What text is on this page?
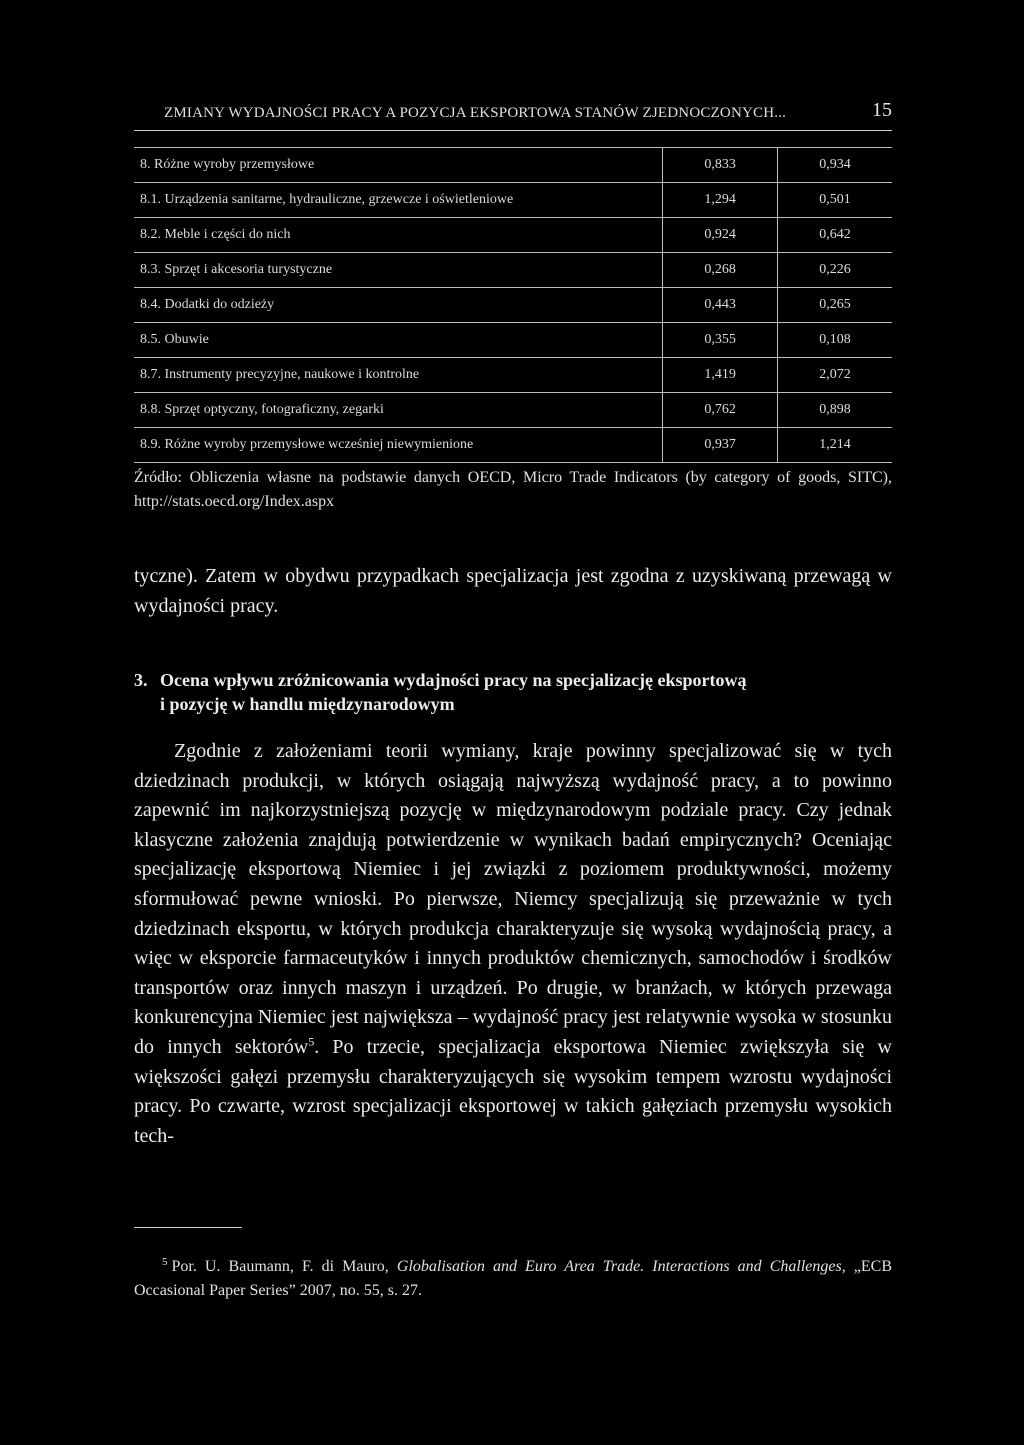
ZMIANY WYDAJNOŚCI PRACY A POZYCJA EKSPORTOWA STANÓW ZJEDNOCZONYCH...	15
8. Różne wyroby przemysłowe	0,833	0,934
8.1. Urządzenia sanitarne, hydrauliczne, grzewcze i oświetleniowe	1,294	0,501
8.2. Meble i części do nich	0,924	0,642
8.3. Sprzęt i akcesoria turystyczne	0,268	0,226
8.4. Dodatki do odzieży	0,443	0,265
8.5. Obuwie	0,355	0,108
8.7. Instrumenty precyzyjne, naukowe i kontrolne	1,419	2,072
8.8. Sprzęt optyczny, fotograficzny, zegarki	0,762	0,898
8.9. Różne wyroby przemysłowe wcześniej niewymienione	0,937	1,214
Źródło: Obliczenia własne na podstawie danych OECD, Micro Trade Indicators (by category of goods, SITC), http://stats.oecd.org/Index.aspx
tyczne). Zatem w obydwu przypadkach specjalizacja jest zgodna z uzyskiwaną przewagą w wydajności pracy.
3. Ocena wpływu zróżnicowania wydajności pracy na specjalizację eksportową
i pozycję w handlu międzynarodowym
Zgodnie z założeniami teorii wymiany, kraje powinny specjalizować się w tych dziedzinach produkcji, w których osiągają najwyższą wydajność pracy, a to powinno zapewnić im najkorzystniejszą pozycję w międzynarodowym podziale pracy. Czy jednak klasyczne założenia znajdują potwierdzenie w wynikach badań empirycznych? Oceniając specjalizację eksportową Niemiec i jej związki z poziomem produktywności, możemy sformułować pewne wnioski. Po pierwsze, Niemcy specjalizują się przeważnie w tych dziedzinach eksportu, w których produkcja charakteryzuje się wysoką wydajnością pracy, a więc w eksporcie farmaceutyków i innych produktów chemicznych, samochodów i środków transportów oraz innych maszyn i urządzeń. Po drugie, w branżach, w których przewaga konkurencyjna Niemiec jest największa – wydajność pracy jest relatywnie wysoka w stosunku do innych sektorów$^5$. Po trzecie, specjalizacja eksportowa Niemiec zwiększyła się w większości gałęzi przemysłu charakteryzujących się wysokim tempem wzrostu wydajności pracy. Po czwarte, wzrost specjalizacji eksportowej w takich gałęziach przemysłu wysokich tech-
$^5$ Por. U. Baumann, F. di Mauro, Globalisation and Euro Area Trade. Interactions and Challenges, „ECB Occasional Paper Series” 2007, no. 55, s. 27.
